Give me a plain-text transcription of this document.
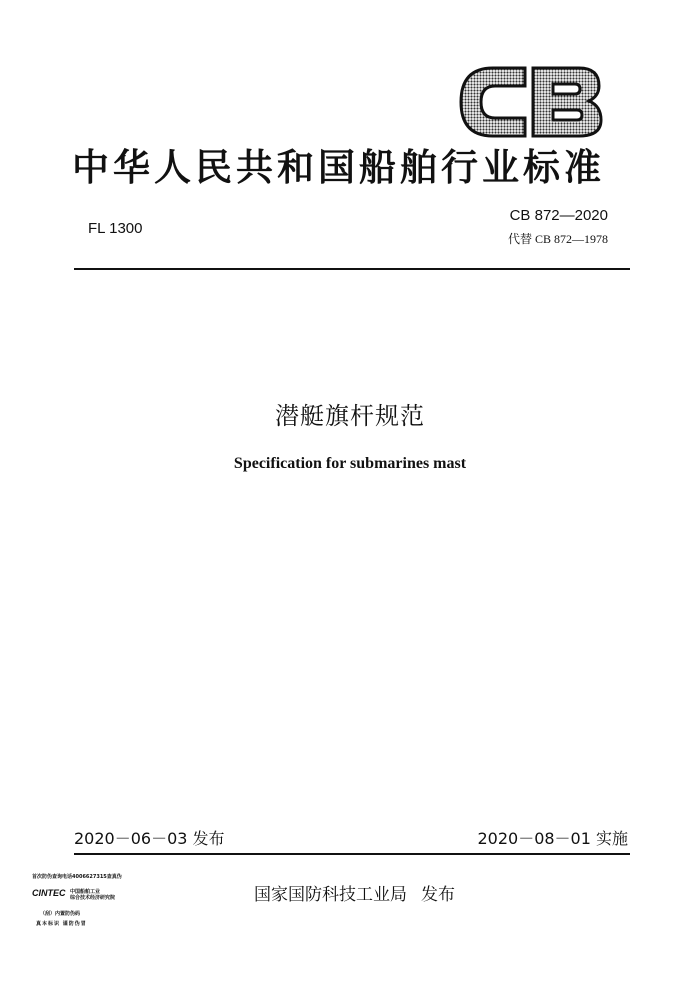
中华人民共和国船舶行业标准
FL 1300
CB 872—2020
代替 CB 872—1978
潜艇旗杆规范
Specification for submarines mast
2020－06－03 发布	2020－08－01 实施
首次防伪查询电话4006627315查真伪
CINTEC 中国船舶工业
综合技术经济研究院
（刮）内置防伪码
真本标识 谨防伪冒
国家国防科技工业局 发布
